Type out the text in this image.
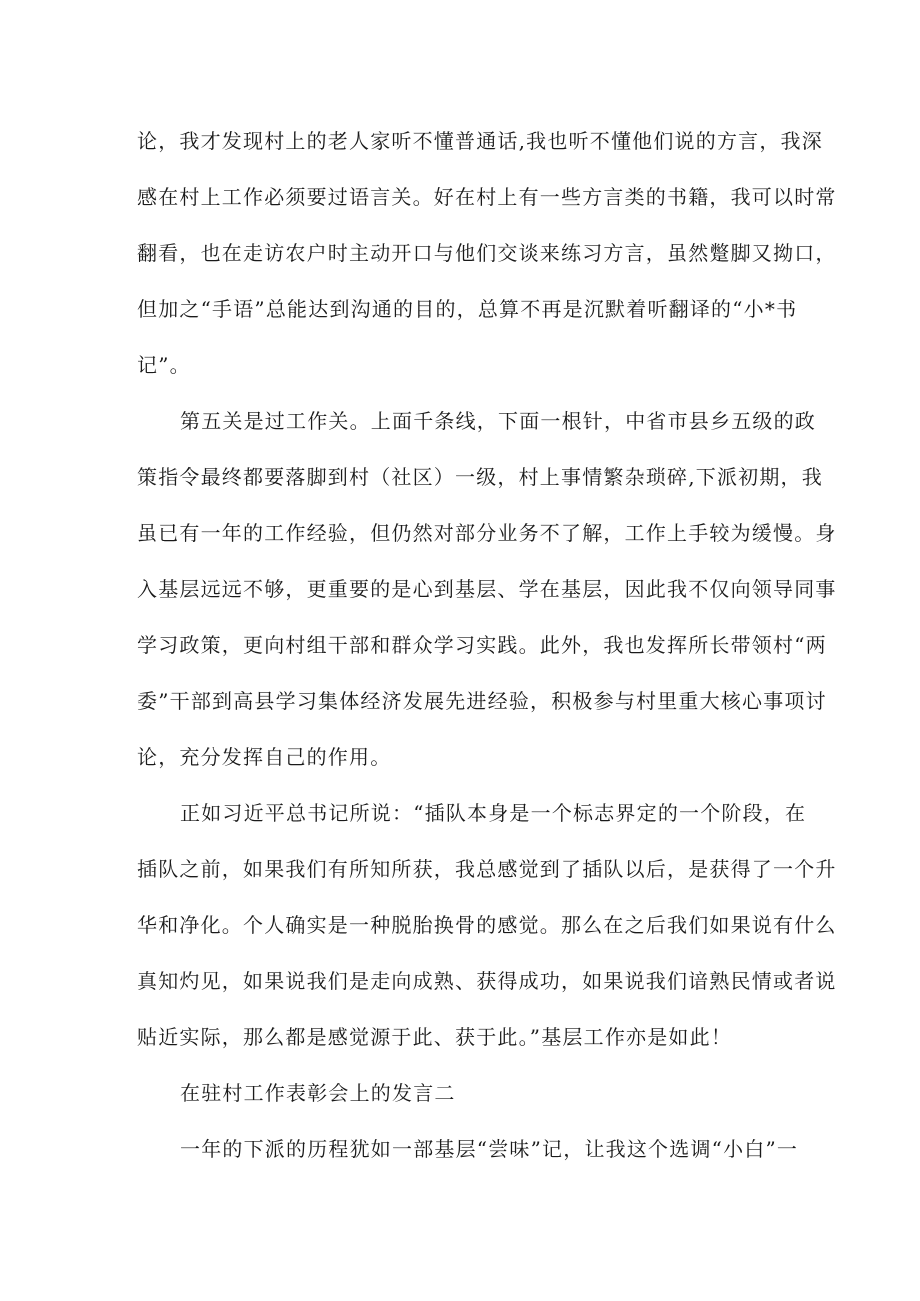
论，我才发现村上的老人家听不懂普通话,我也听不懂他们说的方言，我深
感在村上工作必须要过语言关。好在村上有一些方言类的书籍，我可以时常
翻看，也在走访农户时主动开口与他们交谈来练习方言，虽然蹩脚又拗口，
但加之“手语”总能达到沟通的目的，总算不再是沉默着听翻译的“小*书
记”。
第五关是过工作关。上面千条线，下面一根针，中省市县乡五级的政
策指令最终都要落脚到村（社区）一级，村上事情繁杂琐碎,下派初期，我
虽已有一年的工作经验，但仍然对部分业务不了解，工作上手较为缓慢。身
入基层远远不够，更重要的是心到基层、学在基层，因此我不仅向领导同事
学习政策，更向村组干部和群众学习实践。此外，我也发挥所长带领村“两
委”干部到高县学习集体经济发展先进经验，积极参与村里重大核心事项讨
论，充分发挥自己的作用。
正如习近平总书记所说：“插队本身是一个标志界定的一个阶段，在
插队之前，如果我们有所知所获，我总感觉到了插队以后，是获得了一个升
华和净化。个人确实是一种脱胎换骨的感觉。那么在之后我们如果说有什么
真知灼见，如果说我们是走向成熟、获得成功，如果说我们谙熟民情或者说
贴近实际，那么都是感觉源于此、获于此。”基层工作亦是如此！
在驻村工作表彰会上的发言二
一年的下派的历程犹如一部基层“尝味”记，让我这个选调“小白”一
